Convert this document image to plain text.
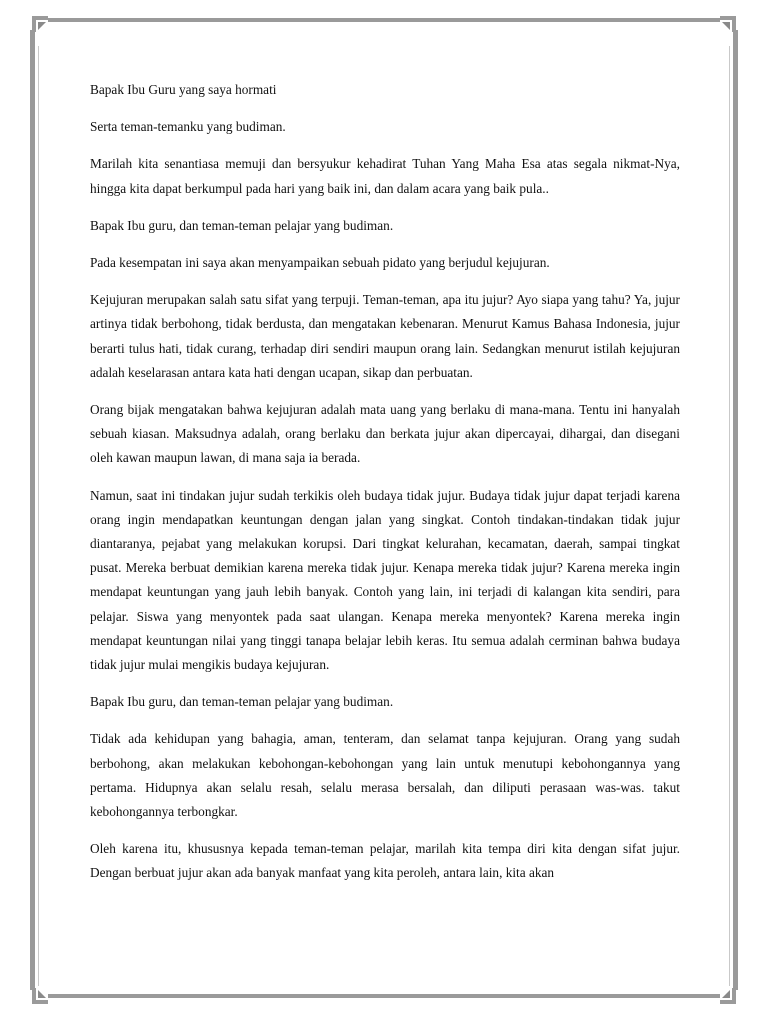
Bapak Ibu Guru yang saya hormati

Serta teman-temanku yang budiman.

Marilah kita senantiasa memuji dan bersyukur kehadirat Tuhan Yang Maha Esa atas segala nikmat-Nya, hingga kita dapat berkumpul pada hari yang baik ini, dan dalam acara yang baik pula..

Bapak Ibu guru, dan teman-teman pelajar yang budiman.

Pada kesempatan ini saya akan menyampaikan sebuah pidato yang berjudul kejujuran.

Kejujuran merupakan salah satu sifat yang terpuji. Teman-teman, apa itu jujur? Ayo siapa yang tahu? Ya, jujur artinya tidak berbohong, tidak berdusta, dan mengatakan kebenaran. Menurut Kamus Bahasa Indonesia, jujur berarti tulus hati, tidak curang, terhadap diri sendiri maupun orang lain. Sedangkan menurut istilah kejujuran adalah keselarasan antara kata hati dengan ucapan, sikap dan perbuatan.

Orang bijak mengatakan bahwa kejujuran adalah mata uang yang berlaku di mana-mana. Tentu ini hanyalah sebuah kiasan. Maksudnya adalah, orang berlaku dan berkata jujur akan dipercayai, dihargai, dan disegani oleh kawan maupun lawan, di mana saja ia berada.

Namun, saat ini tindakan jujur sudah terkikis oleh budaya tidak jujur. Budaya tidak jujur dapat terjadi karena orang ingin mendapatkan keuntungan dengan jalan yang singkat. Contoh tindakan-tindakan tidak jujur diantaranya, pejabat yang melakukan korupsi. Dari tingkat kelurahan, kecamatan, daerah, sampai tingkat pusat. Mereka berbuat demikian karena mereka tidak jujur. Kenapa mereka tidak jujur? Karena mereka ingin mendapat keuntungan yang jauh lebih banyak. Contoh yang lain, ini terjadi di kalangan kita sendiri, para pelajar. Siswa yang menyontek pada saat ulangan. Kenapa mereka menyontek? Karena mereka ingin mendapat keuntungan nilai yang tinggi tanapa belajar lebih keras. Itu semua adalah cerminan bahwa budaya tidak jujur mulai mengikis budaya kejujuran.

Bapak Ibu guru, dan teman-teman pelajar yang budiman.

Tidak ada kehidupan yang bahagia, aman, tenteram, dan selamat tanpa kejujuran. Orang yang sudah berbohong, akan melakukan kebohongan-kebohongan yang lain untuk menutupi kebohongannya yang pertama. Hidupnya akan selalu resah, selalu merasa bersalah, dan diliputi perasaan was-was. takut kebohongannya terbongkar.

Oleh karena itu, khususnya kepada teman-teman pelajar, marilah kita tempa diri kita dengan sifat jujur. Dengan berbuat jujur akan ada banyak manfaat yang kita peroleh, antara lain, kita akan
